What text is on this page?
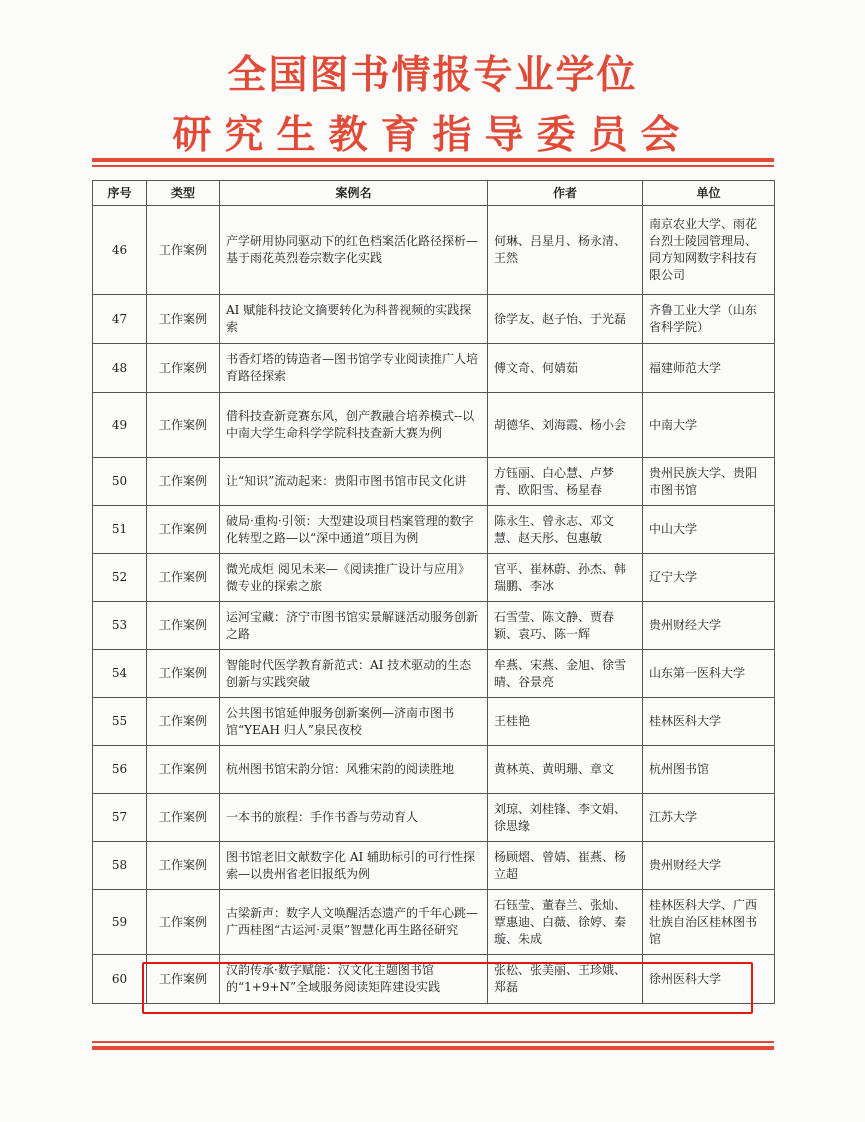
全国图书情报专业学位
研究生教育指导委员会
序号	类型	案例名	作者	单位
46	工作案例	产学研用协同驱动下的红色档案活化路径探析—基于雨花英烈卷宗数字化实践	何琳、吕星月、杨永清、王然	南京农业大学、雨花台烈士陵园管理局、同方知网数字科技有限公司
47	工作案例	AI 赋能科技论文摘要转化为科普视频的实践探索	徐学友、赵子怡、于光磊	齐鲁工业大学（山东省科学院）
48	工作案例	书香灯塔的铸造者—图书馆学专业阅读推广人培育路径探索	傅文奇、何婧茹	福建师范大学
49	工作案例	借科技查新竞赛东风，创产教融合培养模式--以中南大学生命科学学院科技查新大赛为例	胡德华、刘海霞、杨小会	中南大学
50	工作案例	让“知识”流动起来：贵阳市图书馆市民文化讲	方钰丽、白心慧、卢梦青、欧阳雪、杨星春	贵州民族大学、贵阳市图书馆
51	工作案例	破局·重构·引领：大型建设项目档案管理的数字化转型之路—以“深中通道”项目为例	陈永生、曾永志、邓文慧、赵天彤、包惠敏	中山大学
52	工作案例	微光成炬 阅见未来—《阅读推广设计与应用》微专业的探索之旅	官平、崔林蔚、孙杰、韩瑞鹏、李冰	辽宁大学
53	工作案例	运河宝藏：济宁市图书馆实景解谜活动服务创新之路	石雪莹、陈文静、贾春颖、袁巧、陈一辉	贵州财经大学
54	工作案例	智能时代医学教育新范式：AI 技术驱动的生态创新与实践突破	牟燕、宋燕、金旭、徐雪晴、谷景亮	山东第一医科大学
55	工作案例	公共图书馆延伸服务创新案例—济南市图书馆“YEAH 归人”泉民夜校	王桂艳	桂林医科大学
56	工作案例	杭州图书馆宋韵分馆：风雅宋韵的阅读胜地	黄林英、黄明珊、章文	杭州图书馆
57	工作案例	一本书的旅程：手作书香与劳动育人	刘琼、刘桂锋、李文娟、徐思缘	江苏大学
58	工作案例	图书馆老旧文献数字化 AI 辅助标引的可行性探索—以贵州省老旧报纸为例	杨顾熠、曾婧、崔燕、杨立超	贵州财经大学
59	工作案例	古梁新声：数字人文唤醒活态遗产的千年心跳—广西桂图“古运河·灵渠”智慧化再生路径研究	石钰莹、董春兰、张灿、覃惠迪、白薇、徐婷、秦璇、朱成	桂林医科大学、广西壮族自治区桂林图书馆
60	工作案例	汉韵传承·数字赋能：汉文化主题图书馆的“1+9+N”全域服务阅读矩阵建设实践	张松、张美丽、王珍娥、郑磊	徐州医科大学
